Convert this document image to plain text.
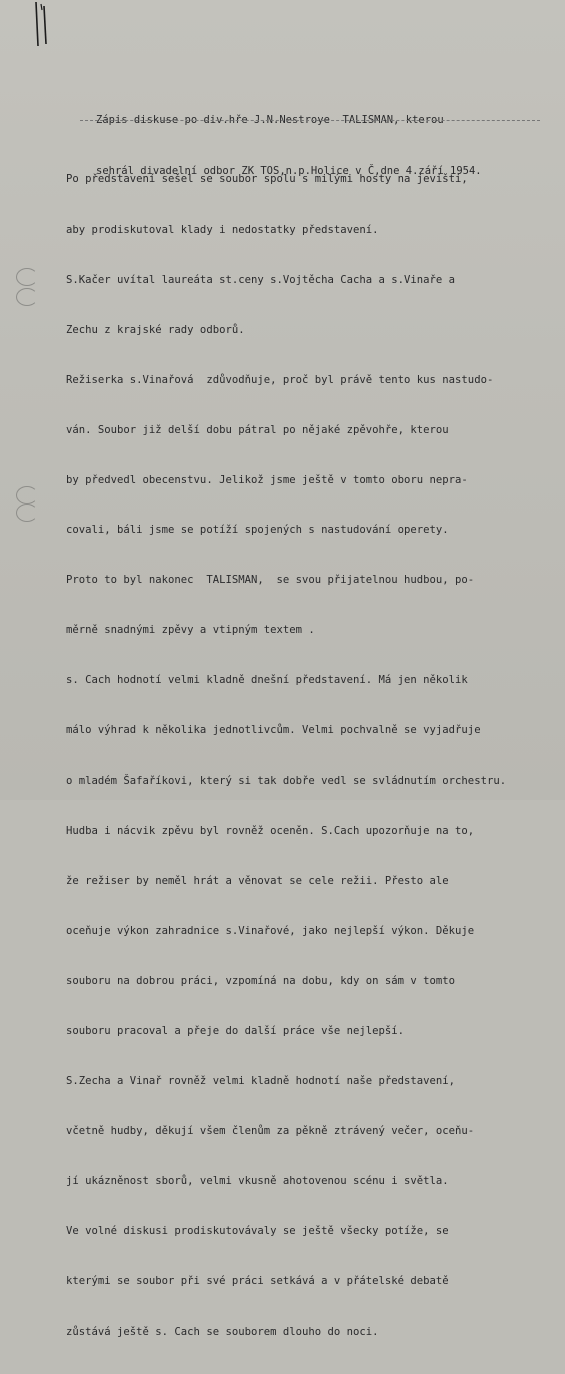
Zápis diskuse po div.hře J.N.Nestroye  TALISMAN, kterou

sehrál divadelní odbor ZK TOS,n.p.Holice v Č,dne 4.září 1954.

Po představení sešel se soubor spolu s milými hosty na jevišti,

aby prodiskutoval klady i nedostatky představení.

S.Kačer uvítal laureáta st.ceny s.Vojtěcha Cacha a s.Vinaře a

Zechu z krajské rady odborů.

Režiserka s.Vinařová  zdůvodňuje, proč byl právě tento kus nastudo-

ván. Soubor již delší dobu pátral po nějaké zpěvohře, kterou

by předvedl obecenstvu. Jelikož jsme ještě v tomto oboru nepra-

covali, báli jsme se potíží spojených s nastudování operety.

Proto to byl nakonec  TALISMAN,  se svou přijatelnou hudbou, po-

měrně snadnými zpěvy a vtipným textem .

s. Cach hodnotí velmi kladně dnešní představení. Má jen několik

málo výhrad k několika jednotlivcům. Velmi pochvalně se vyjadřuje

o mladém Šafaříkovi, který si tak dobře vedl se svládnutím orchestru.

Hudba i nácvik zpěvu byl rovněž oceněn. S.Cach upozorňuje na to,

že režiser by neměl hrát a věnovat se cele režii. Přesto ale

oceňuje výkon zahradnice s.Vinařové, jako nejlepší výkon. Děkuje

souboru na dobrou práci, vzpomíná na dobu, kdy on sám v tomto

souboru pracoval a přeje do další práce vše nejlepší.

S.Zecha a Vinař rovněž velmi kladně hodnotí naše představení,

včetně hudby, děkují všem členům za pěkně ztrávený večer, oceňu-

jí ukázněnost sborů, velmi vkusně ahotovenou scénu i světla.

Ve volné diskusi prodiskutovávaly se ještě všecky potíže, se

kterými se soubor při své práci setkává a v přátelské debatě

zůstává ještě s. Cach se souborem dlouho do noci.
